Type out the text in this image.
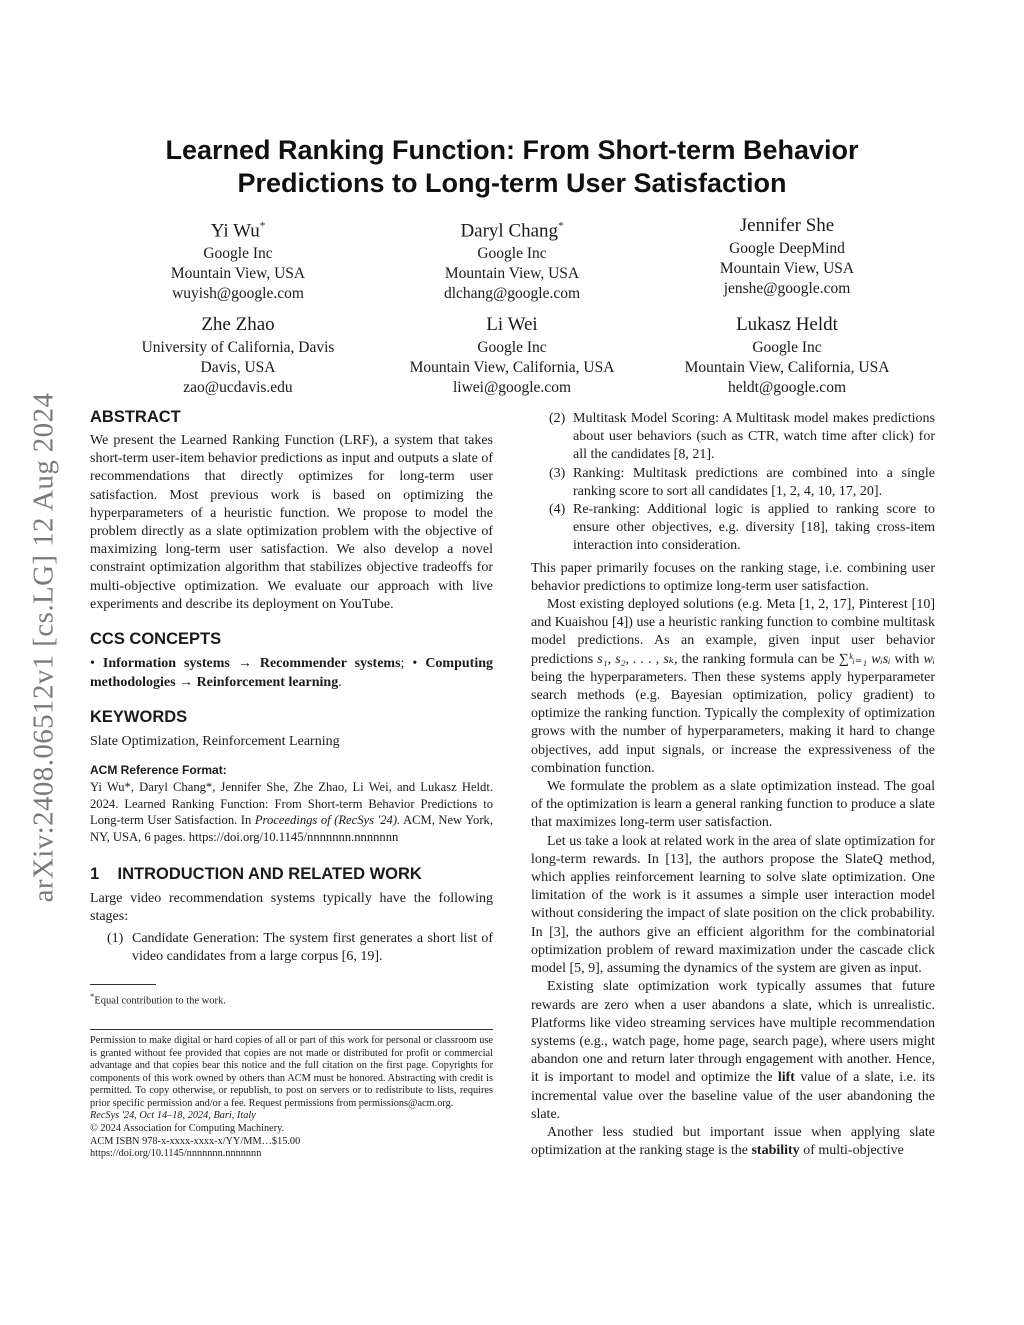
arXiv:2408.06512v1 [cs.LG] 12 Aug 2024
Learned Ranking Function: From Short-term Behavior
Predictions to Long-term User Satisfaction
Yi Wu*
Google Inc
Mountain View, USA
wuyish@google.com
Daryl Chang*
Google Inc
Mountain View, USA
dlchang@google.com
Jennifer She
Google DeepMind
Mountain View, USA
jenshe@google.com
Zhe Zhao
University of California, Davis
Davis, USA
zao@ucdavis.edu
Li Wei
Google Inc
Mountain View, California, USA
liwei@google.com
Lukasz Heldt
Google Inc
Mountain View, California, USA
heldt@google.com
ABSTRACT

We present the Learned Ranking Function (LRF), a system that takes short-term user-item behavior predictions as input and outputs a slate of recommendations that directly optimizes for long-term user satisfaction. Most previous work is based on optimizing the hyperparameters of a heuristic function. We propose to model the problem directly as a slate optimization problem with the objective of maximizing long-term user satisfaction. We also develop a novel constraint optimization algorithm that stabilizes objective tradeoffs for multi-objective optimization. We evaluate our approach with live experiments and describe its deployment on YouTube.

CCS CONCEPTS

• Information systems → Recommender systems; • Computing methodologies → Reinforcement learning.

KEYWORDS

Slate Optimization, Reinforcement Learning

ACM Reference Format:

Yi Wu*, Daryl Chang*, Jennifer She, Zhe Zhao, Li Wei, and Lukasz Heldt. 2024. Learned Ranking Function: From Short-term Behavior Predictions to Long-term User Satisfaction. In Proceedings of (RecSys '24). ACM, New York, NY, USA, 6 pages. https://doi.org/10.1145/nnnnnnn.nnnnnnn

1    INTRODUCTION AND RELATED WORK

Large video recommendation systems typically have the following stages:

(1) Candidate Generation: The system first generates a short list of video candidates from a large corpus [6, 19].

*Equal contribution to the work.

Permission to make digital or hard copies of all or part of this work for personal or classroom use is granted without fee provided that copies are not made or distributed for profit or commercial advantage and that copies bear this notice and the full citation on the first page. Copyrights for components of this work owned by others than ACM must be honored. Abstracting with credit is permitted. To copy otherwise, or republish, to post on servers or to redistribute to lists, requires prior specific permission and/or a fee. Request permissions from permissions@acm.org.

RecSys '24, Oct 14–18, 2024, Bari, Italy

© 2024 Association for Computing Machinery.

ACM ISBN 978-x-xxxx-xxxx-x/YY/MM…$15.00

https://doi.org/10.1145/nnnnnnn.nnnnnnn

(2) Multitask Model Scoring: A Multitask model makes predictions about user behaviors (such as CTR, watch time after click) for all the candidates [8, 21].
(3) Ranking: Multitask predictions are combined into a single ranking score to sort all candidates [1, 2, 4, 10, 17, 20].
(4) Re-ranking: Additional logic is applied to ranking score to ensure other objectives, e.g. diversity [18], taking cross-item interaction into consideration.

This paper primarily focuses on the ranking stage, i.e. combining user behavior predictions to optimize long-term user satisfaction.

Most existing deployed solutions (e.g. Meta [1, 2, 17], Pinterest [10] and Kuaishou [4]) use a heuristic ranking function to combine multitask model predictions. As an example, given input user behavior predictions s₁, s₂, . . . , sₖ, the ranking formula can be ∑ᵏᵢ₌₁ wᵢsᵢ with wᵢ being the hyperparameters. Then these systems apply hyperparameter search methods (e.g. Bayesian optimization, policy gradient) to optimize the ranking function. Typically the complexity of optimization grows with the number of hyperparameters, making it hard to change objectives, add input signals, or increase the expressiveness of the combination function.

We formulate the problem as a slate optimization instead. The goal of the optimization is learn a general ranking function to produce a slate that maximizes long-term user satisfaction.

Let us take a look at related work in the area of slate optimization for long-term rewards. In [13], the authors propose the SlateQ method, which applies reinforcement learning to solve slate optimization. One limitation of the work is it assumes a simple user interaction model without considering the impact of slate position on the click probability. In [3], the authors give an efficient algorithm for the combinatorial optimization problem of reward maximization under the cascade click model [5, 9], assuming the dynamics of the system are given as input.

Existing slate optimization work typically assumes that future rewards are zero when a user abandons a slate, which is unrealistic. Platforms like video streaming services have multiple recommendation systems (e.g., watch page, home page, search page), where users might abandon one and return later through engagement with another. Hence, it is important to model and optimize the lift value of a slate, i.e. its incremental value over the baseline value of the user abandoning the slate.

Another less studied but important issue when applying slate optimization at the ranking stage is the stability of multi-objective
